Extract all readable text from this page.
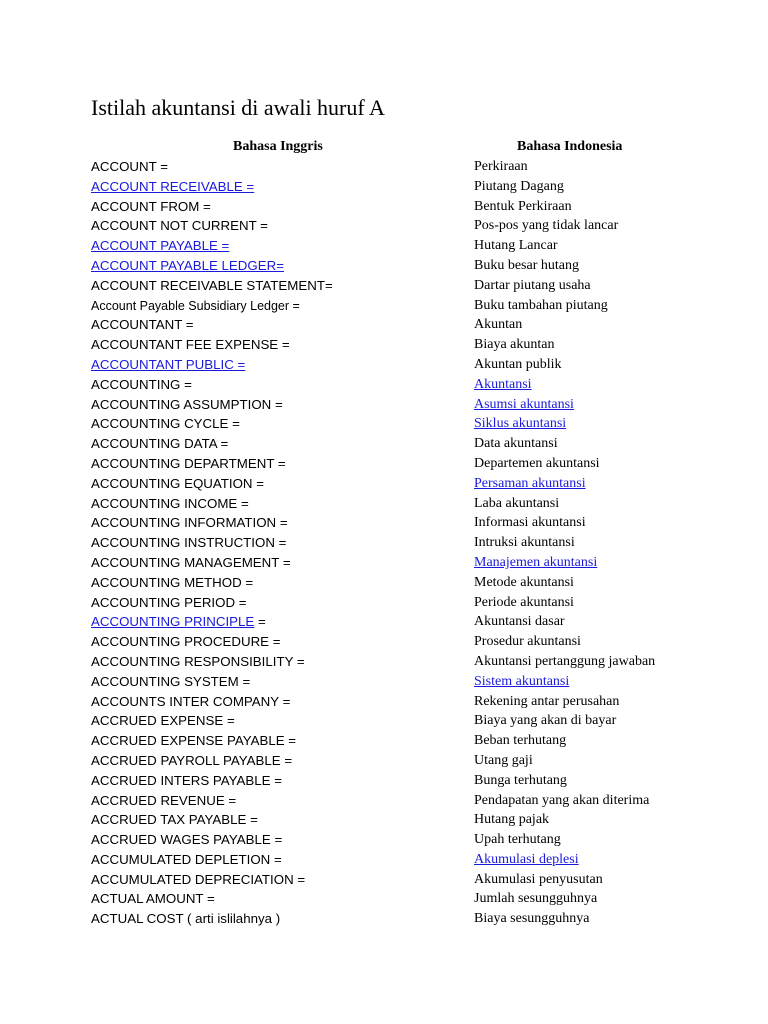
Istilah akuntansi di awali huruf A
Bahasa Inggris	Bahasa Indonesia
ACCOUNT =	Perkiraan
ACCOUNT RECEIVABLE =	Piutang Dagang
ACCOUNT FROM =	Bentuk Perkiraan
ACCOUNT NOT CURRENT =	Pos-pos yang tidak lancar
ACCOUNT PAYABLE =	Hutang Lancar
ACCOUNT PAYABLE LEDGER=	Buku besar hutang
ACCOUNT RECEIVABLE STATEMENT=	Dartar piutang usaha
Account Payable Subsidiary Ledger =	Buku tambahan piutang
ACCOUNTANT =	Akuntan
ACCOUNTANT FEE EXPENSE =	Biaya akuntan
ACCOUNTANT PUBLIC =	Akuntan publik
ACCOUNTING =	Akuntansi
ACCOUNTING ASSUMPTION =	Asumsi akuntansi
ACCOUNTING CYCLE =	Siklus akuntansi
ACCOUNTING DATA =	Data akuntansi
ACCOUNTING DEPARTMENT =	Departemen akuntansi
ACCOUNTING EQUATION =	Persaman akuntansi
ACCOUNTING INCOME =	Laba akuntansi
ACCOUNTING INFORMATION =	Informasi akuntansi
ACCOUNTING INSTRUCTION =	Intruksi akuntansi
ACCOUNTING MANAGEMENT =	Manajemen akuntansi
ACCOUNTING METHOD =	Metode akuntansi
ACCOUNTING PERIOD =	Periode akuntansi
ACCOUNTING PRINCIPLE =	Akuntansi dasar
ACCOUNTING PROCEDURE =	Prosedur akuntansi
ACCOUNTING RESPONSIBILITY =	Akuntansi pertanggung jawaban
ACCOUNTING SYSTEM =	Sistem akuntansi
ACCOUNTS INTER COMPANY =	Rekening antar perusahan
ACCRUED EXPENSE =	Biaya yang akan di bayar
ACCRUED EXPENSE PAYABLE =	Beban terhutang
ACCRUED PAYROLL PAYABLE =	Utang gaji
ACCRUED INTERS PAYABLE =	Bunga terhutang
ACCRUED REVENUE =	Pendapatan yang akan diterima
ACCRUED TAX PAYABLE =	Hutang pajak
ACCRUED WAGES PAYABLE =	Upah terhutang
ACCUMULATED DEPLETION =	Akumulasi deplesi
ACCUMULATED DEPRECIATION =	Akumulasi penyusutan
ACTUAL AMOUNT =	Jumlah sesungguhnya
ACTUAL COST ( arti islilahnya )	Biaya sesungguhnya
